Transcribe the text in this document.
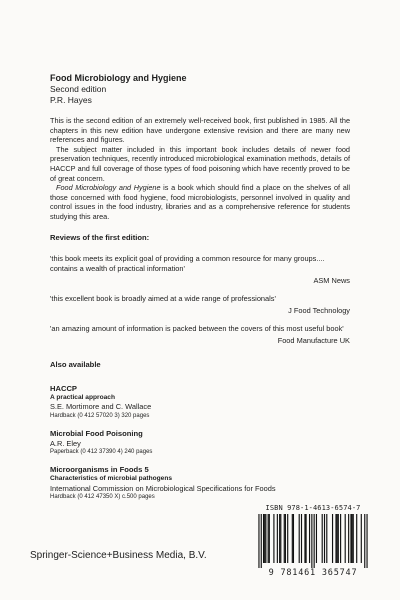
Food Microbiology and Hygiene
Second edition
P.R. Hayes

This is the second edition of an extremely well-received book, first published in 1985. All the chapters in this new edition have undergone extensive revision and there are many new references and figures.

The subject matter included in this important book includes details of newer food preservation techniques, recently introduced microbiological examination methods, details of HACCP and full coverage of those types of food poisoning which have recently proved to be of great concern.

Food Microbiology and Hygiene is a book which should find a place on the shelves of all those concerned with food hygiene, food microbiologists, personnel involved in quality and control issues in the food industry, libraries and as a comprehensive reference for students studying this area.

Reviews of the first edition:

'this book meets its explicit goal of providing a common resource for many groups.... contains a wealth of practical information'

ASM News

'this excellent book is broadly aimed at a wide range of professionals'

J Food Technology

'an amazing amount of information is packed between the covers of this most useful book'

Food Manufacture UK
Also available
HACCP
A practical approach
S.E. Mortimore and C. Wallace
Hardback (0 412 57020 3) 320 pages
Microbial Food Poisoning
A.R. Eley
Paperback (0 412 37390 4) 240 pages
Microorganisms in Foods 5
Characteristics of microbial pathogens
International Commission on Microbiological Specifications for Foods
Hardback (0 412 47350 X) c.500 pages
Springer-Science+Business Media, B.V.
ISBN 978-1-4613-6574-7
9 781461 365747
